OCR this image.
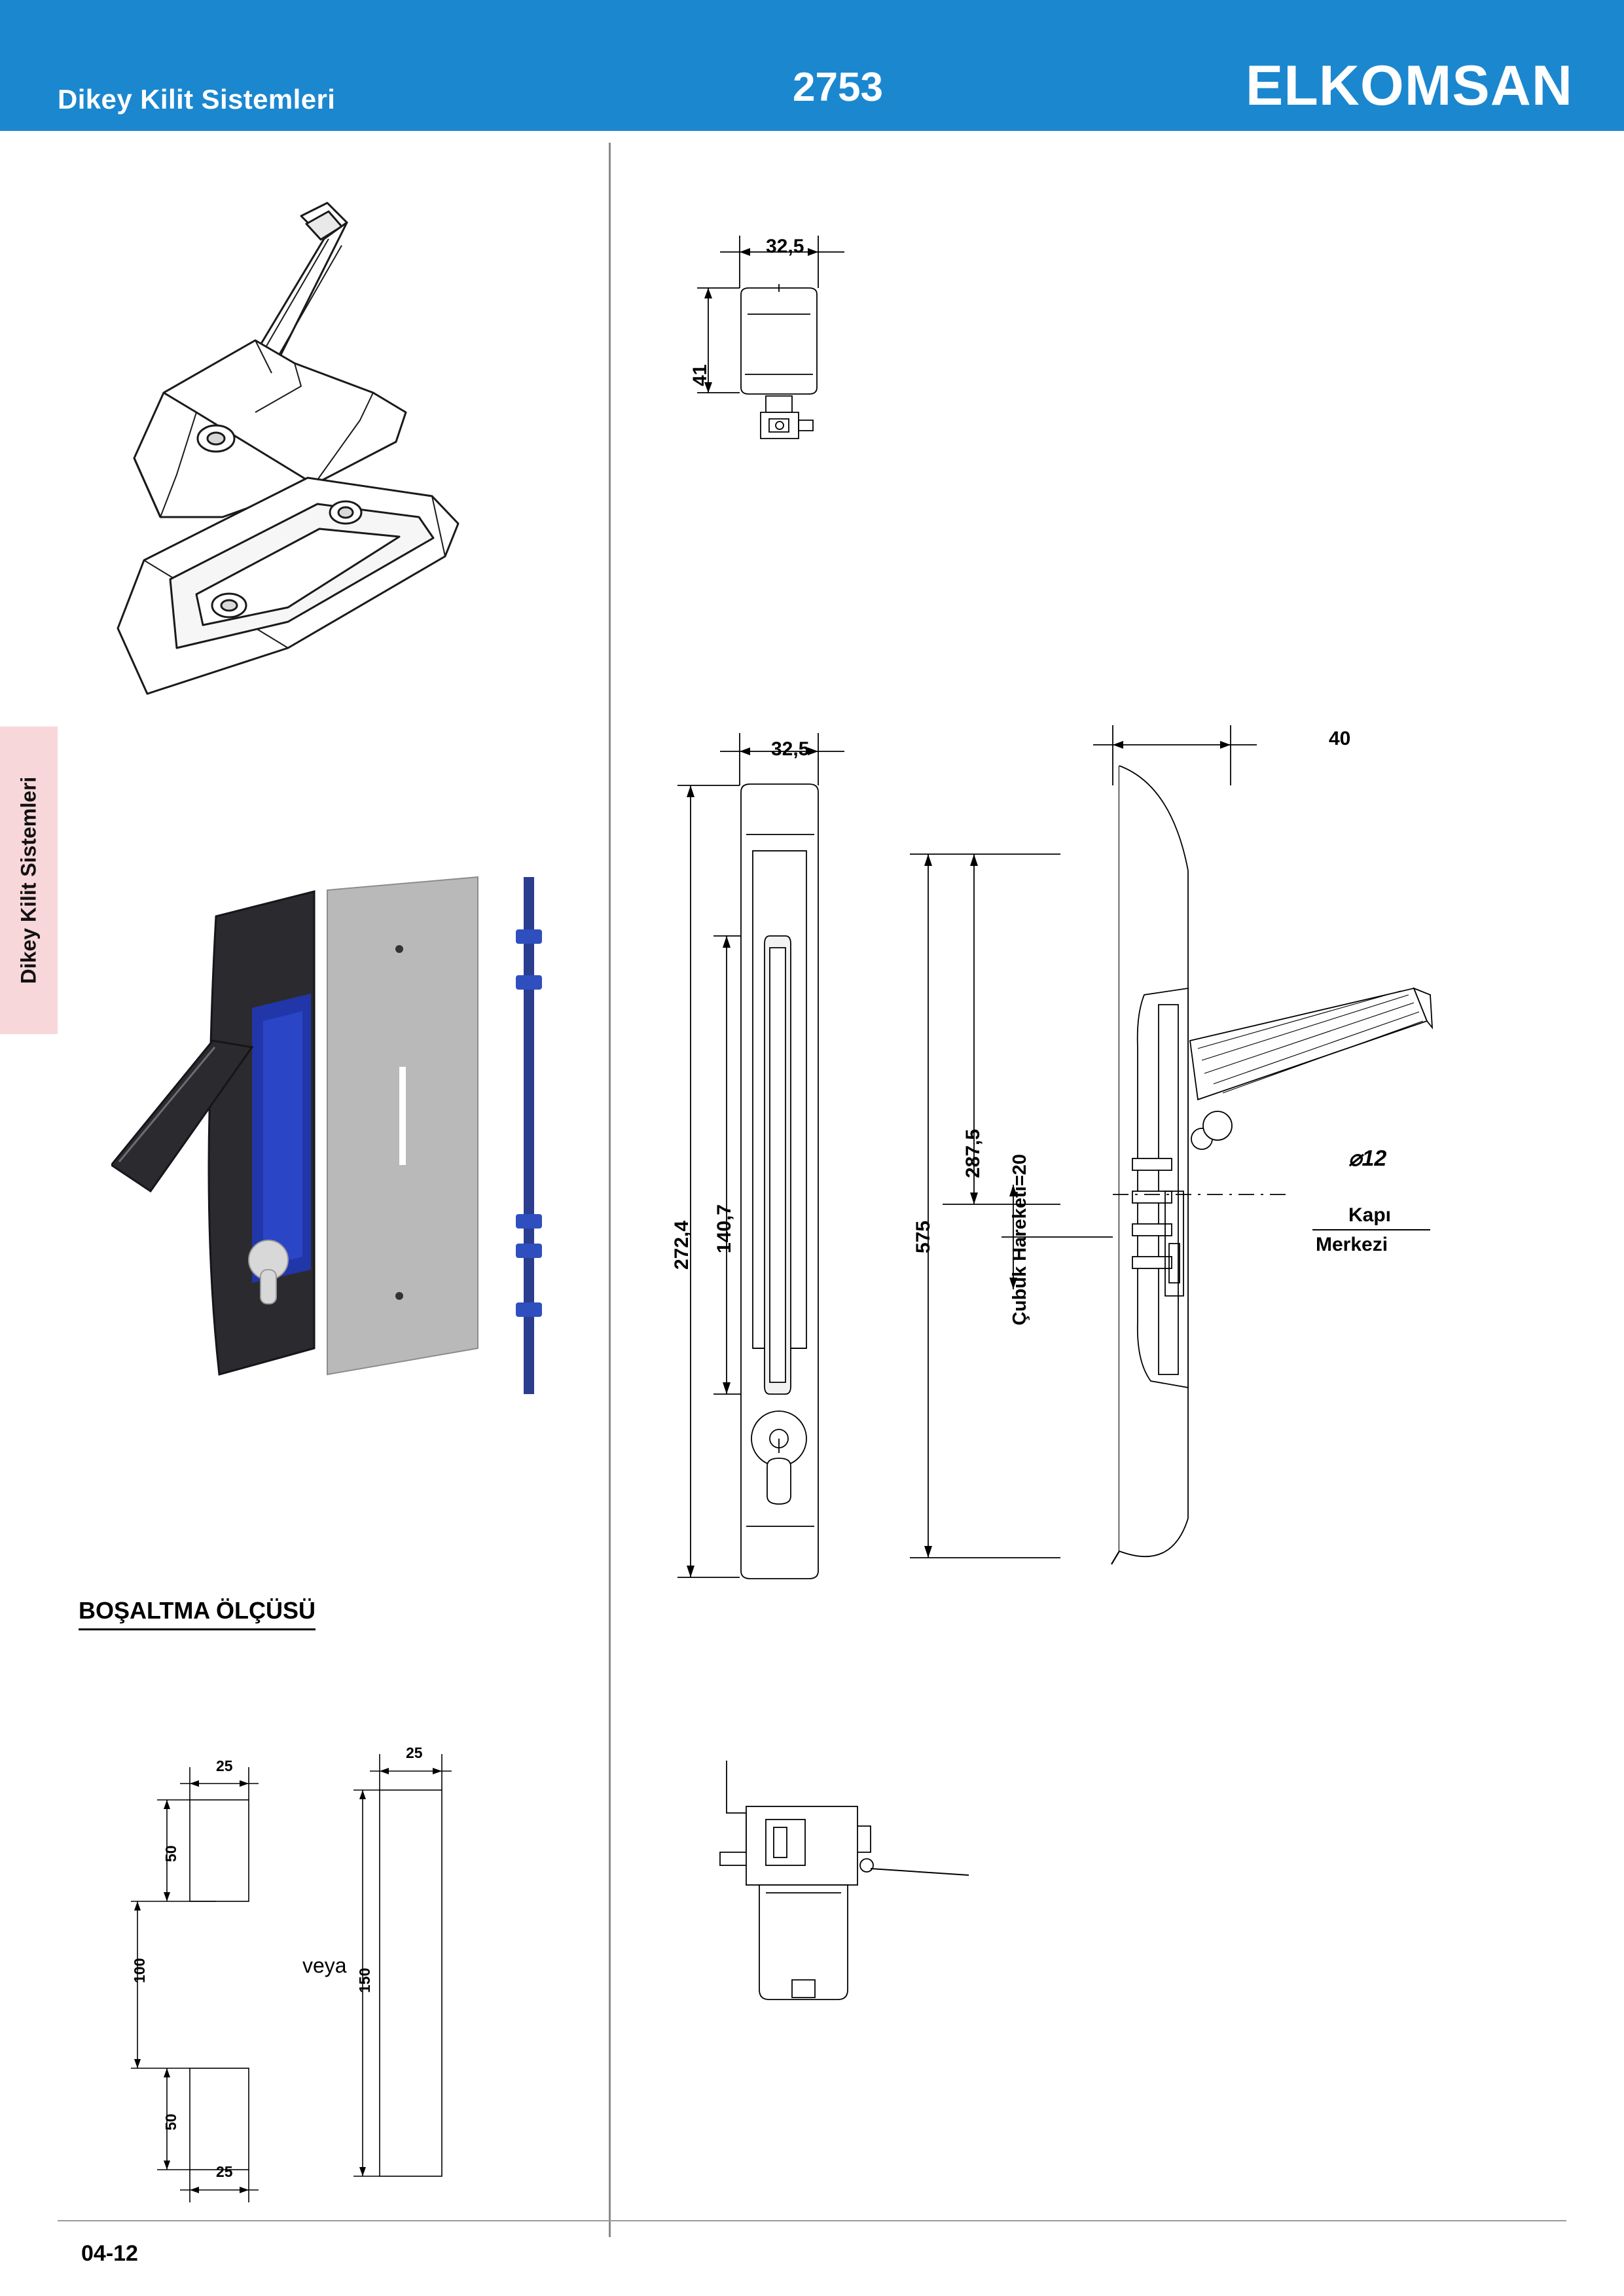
Dikey Kilit Sistemleri	2753	ELKOMSAN
Dikey Kilit Sistemleri
04-12
BOŞALTMA ÖLÇÜSÜ
25
50
100
50
25
25
150
veya
32,5
41
32,5
272,4 140,7
287,5
575	Çubuk Hareketi=20
40
⌀12
Kapı
Merkezi
